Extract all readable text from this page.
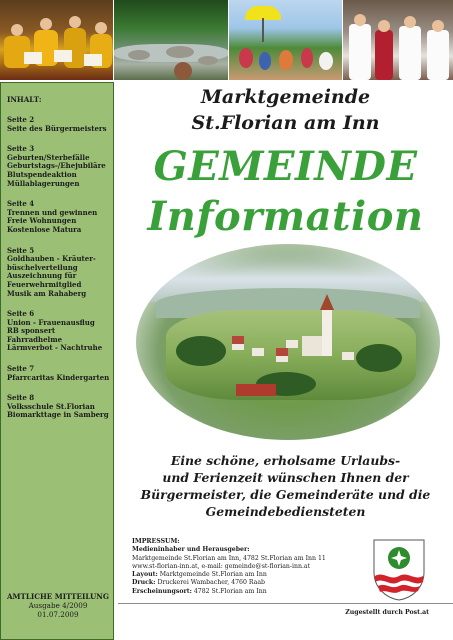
INHALT:
Seite 2
Seite des Bürgermeisters
Seite 3
Geburten/Sterbefälle
Geburtstags-/Ehejubiläre
Blutspendeaktion
Müllablagerungen
Seite 4
Trennen und gewinnen
Freie Wohnungen
Kostenlose Matura
Seite 5
Goldhauben - Kräuter-
büschelverteilung
Auszeichnung für
Feuerwehrmitglied
Musik am Rahaberg
Seite 6
Union - Frauenausflug
RB sponsert
Fahrradhelme
Lärmverbot - Nachtruhe
Seite 7
Pfarrcaritas Kindergarten
Seite 8
Volksschule St.Florian
Biomarkttage in Samberg
AMTLICHE MITTEILUNG
Ausgabe 4/2009
01.07.2009
Marktgemeinde
St.Florian am Inn
GEMEINDE
Information
Eine schöne, erholsame Urlaubs-
und Ferienzeit wünschen Ihnen der
Bürgermeister, die Gemeinderäte und die
Gemeindebediensteten
IMPRESSUM:
Medieninhaber und Herausgeber:
Marktgemeinde St.Florian am Inn, 4782 St.Florian am Inn 11
www.st-florian-inn.at, e-mail: gemeinde@st-florian-inn.at
Layout: Marktgemeinde St.Florian am Inn
Druck: Druckerei Wambacher, 4760 Raab
Erscheinungsort: 4782 St.Florian am Inn
Zugestellt durch Post.at
